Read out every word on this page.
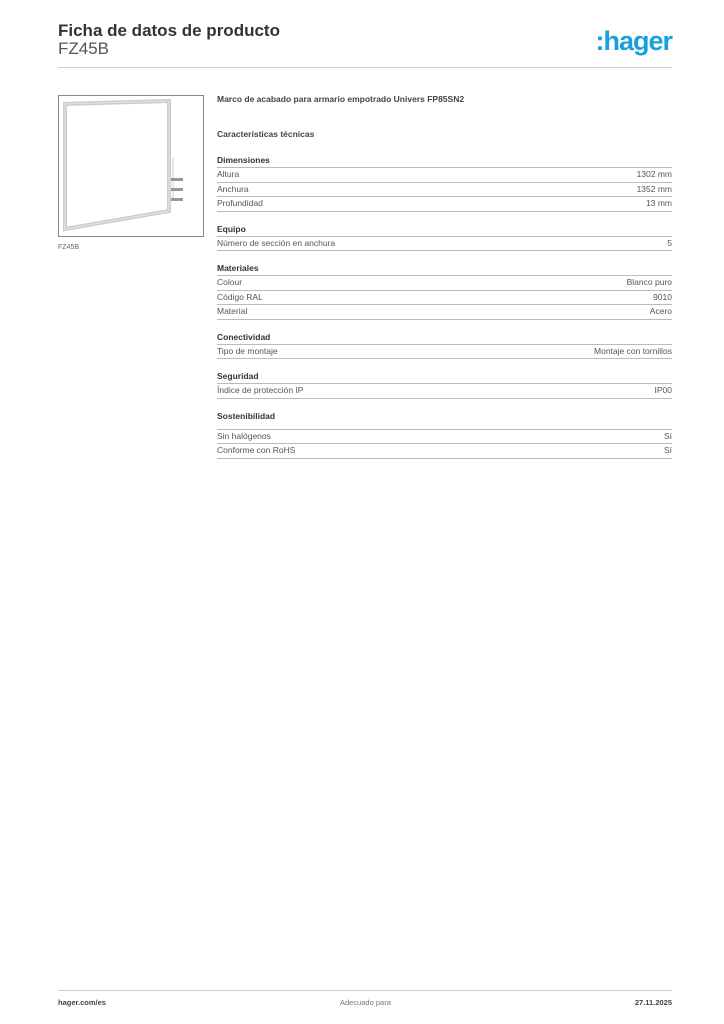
Ficha de datos de producto
FZ45B	:hager
FZ45B
Marco de acabado para armario empotrado Univers FP85SN2
Características técnicas
Dimensiones
Altura	1302 mm
Anchura	1352 mm
Profundidad	13 mm
Equipo
Número de sección en anchura	5
Materiales
Colour	Blanco puro
Código RAL	9010
Material	Acero
Conectividad
Tipo de montaje	Montaje con tornillos
Seguridad
Índice de protección IP	IP00
Sostenibilidad
Sin halógenos	Sí
Conforme con RoHS	Sí
hager.com/es	Adecuado para	27.11.2025
